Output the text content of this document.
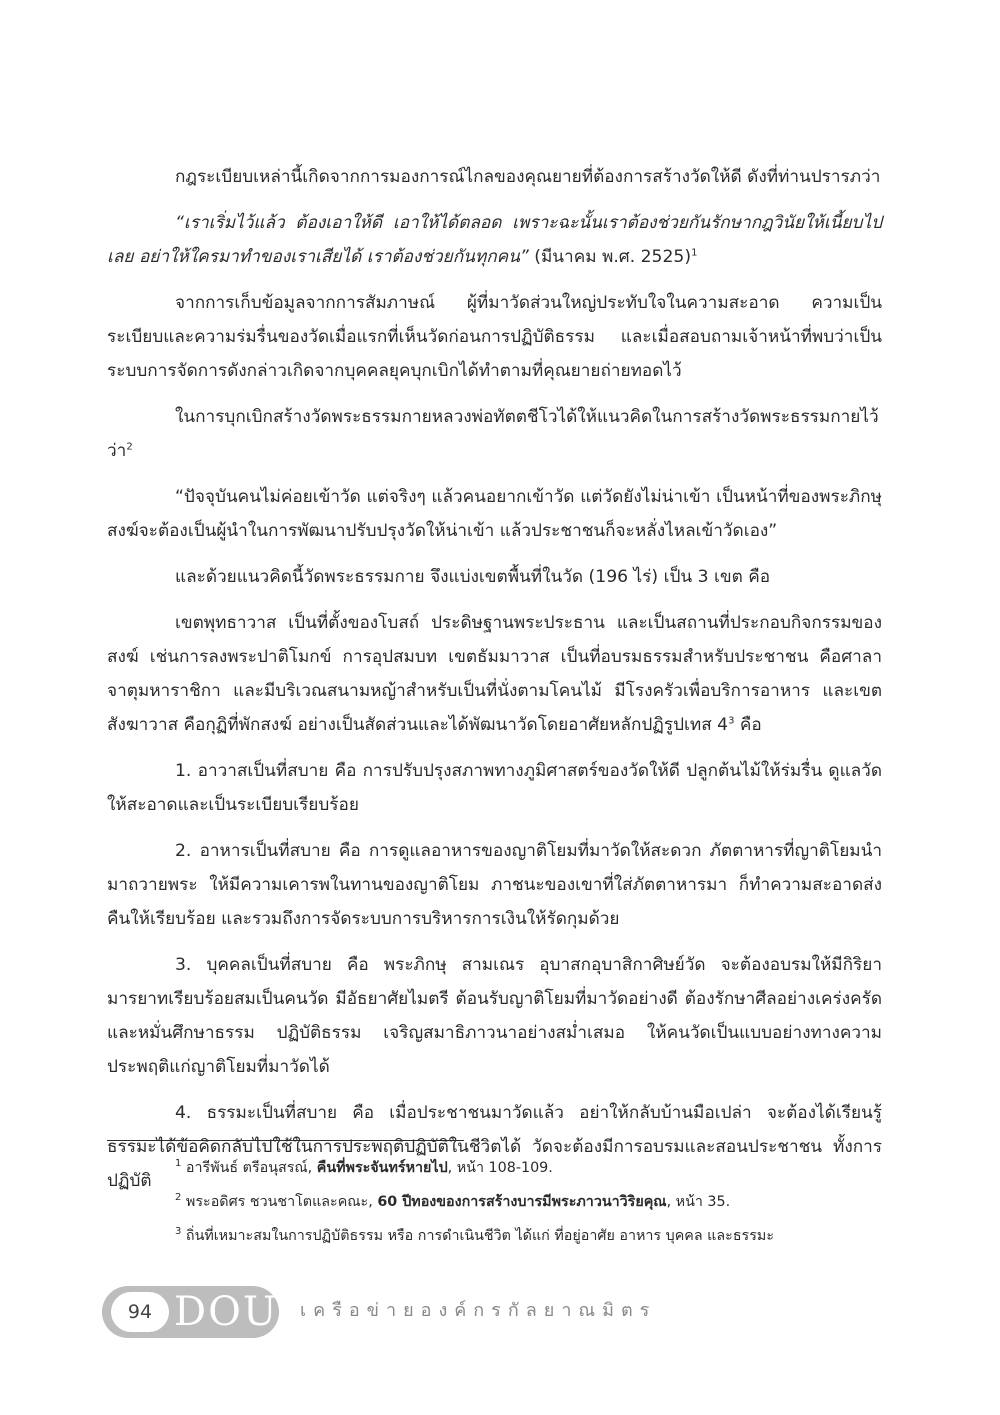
กฎระเบียบเหล่านี้เกิดจากการมองการณ์ไกลของคุณยายที่ต้องการสร้างวัดให้ดี ดังที่ท่านปรารภว่า

“เราเริ่มไว้แล้ว ต้องเอาให้ดี เอาให้ได้ตลอด เพราะฉะนั้นเราต้องช่วยกันรักษากฎวินัยให้เนี้ยบไปเลย อย่าให้ใครมาทำของเราเสียได้ เราต้องช่วยกันทุกคน” (มีนาคม พ.ศ. 2525)$^1$

จากการเก็บข้อมูลจากการสัมภาษณ์ ผู้ที่มาวัดส่วนใหญ่ประทับใจในความสะอาด ความเป็นระเบียบและความร่มรื่นของวัดเมื่อแรกที่เห็นวัดก่อนการปฏิบัติธรรม และเมื่อสอบถามเจ้าหน้าที่พบว่าเป็นระบบการจัดการดังกล่าวเกิดจากบุคคลยุคบุกเบิกได้ทำตามที่คุณยายถ่ายทอดไว้

ในการบุกเบิกสร้างวัดพระธรรมกายหลวงพ่อทัตตชีโวได้ให้แนวคิดในการสร้างวัดพระธรรมกายไว้ว่า$^2$

“ปัจจุบันคนไม่ค่อยเข้าวัด แต่จริงๆ แล้วคนอยากเข้าวัด แต่วัดยังไม่น่าเข้า เป็นหน้าที่ของพระภิกษุสงฆ์จะต้องเป็นผู้นำในการพัฒนาปรับปรุงวัดให้น่าเข้า แล้วประชาชนก็จะหลั่งไหลเข้าวัดเอง”

และด้วยแนวคิดนี้วัดพระธรรมกาย จึงแบ่งเขตพื้นที่ในวัด (196 ไร่) เป็น 3 เขต คือ

เขตพุทธาวาส เป็นที่ตั้งของโบสถ์ ประดิษฐานพระประธาน และเป็นสถานที่ประกอบกิจกรรมของสงฆ์ เช่นการลงพระปาติโมกข์ การอุปสมบท เขตธัมมาวาส เป็นที่อบรมธรรมสำหรับประชาชน คือศาลาจาตุมหาราชิกา และมีบริเวณสนามหญ้าสำหรับเป็นที่นั่งตามโคนไม้ มีโรงครัวเพื่อบริการอาหาร และเขตสังฆาวาส คือกุฏิที่พักสงฆ์ อย่างเป็นสัดส่วนและได้พัฒนาวัดโดยอาศัยหลักปฏิรูปเทส $4^3$ คือ

1. อาวาสเป็นที่สบาย คือ การปรับปรุงสภาพทางภูมิศาสตร์ของวัดให้ดี ปลูกต้นไม้ให้ร่มรื่น ดูแลวัดให้สะอาดและเป็นระเบียบเรียบร้อย

2. อาหารเป็นที่สบาย คือ การดูแลอาหารของญาติโยมที่มาวัดให้สะดวก ภัตตาหารที่ญาติโยมนำมาถวายพระ ให้มีความเคารพในทานของญาติโยม ภาชนะของเขาที่ใส่ภัตตาหารมา ก็ทำความสะอาดส่งคืนให้เรียบร้อย และรวมถึงการจัดระบบการบริหารการเงินให้รัดกุมด้วย

3. บุคคลเป็นที่สบาย คือ พระภิกษุ สามเณร อุบาสกอุบาสิกาศิษย์วัด จะต้องอบรมให้มีกิริยามารยาทเรียบร้อยสมเป็นคนวัด มีอัธยาศัยไมตรี ต้อนรับญาติโยมที่มาวัดอย่างดี ต้องรักษาศีลอย่างเคร่งครัด และหมั่นศึกษาธรรม ปฏิบัติธรรม เจริญสมาธิภาวนาอย่างสม่ำเสมอ ให้คนวัดเป็นแบบอย่างทางความประพฤติแก่ญาติโยมที่มาวัดได้

4. ธรรมะเป็นที่สบาย คือ เมื่อประชาชนมาวัดแล้ว อย่าให้กลับบ้านมือเปล่า จะต้องได้เรียนรู้ธรรมะได้ข้อคิดกลับไปใช้ในการประพฤติปฏิบัติในชีวิตได้ วัดจะต้องมีการอบรมและสอนประชาชน ทั้งการปฏิบัติ

$^1$ อารีพันธ์ ตรีอนุสรณ์, คืนที่พระจันทร์หายไป, หน้า 108-109.

$^2$ พระอดิศร ชวนชาโตและคณะ, 60 ปีทองของการสร้างบารมีพระภาวนาวิริยคุณ, หน้า 35.

$^3$ ถิ่นที่เหมาะสมในการปฏิบัติธรรม หรือ การดำเนินชีวิต ได้แก่ ที่อยู่อาศัย อาหาร บุคคล และธรรมะ

94 DOU เครือข่ายองค์กรกัลยาณมิตร
